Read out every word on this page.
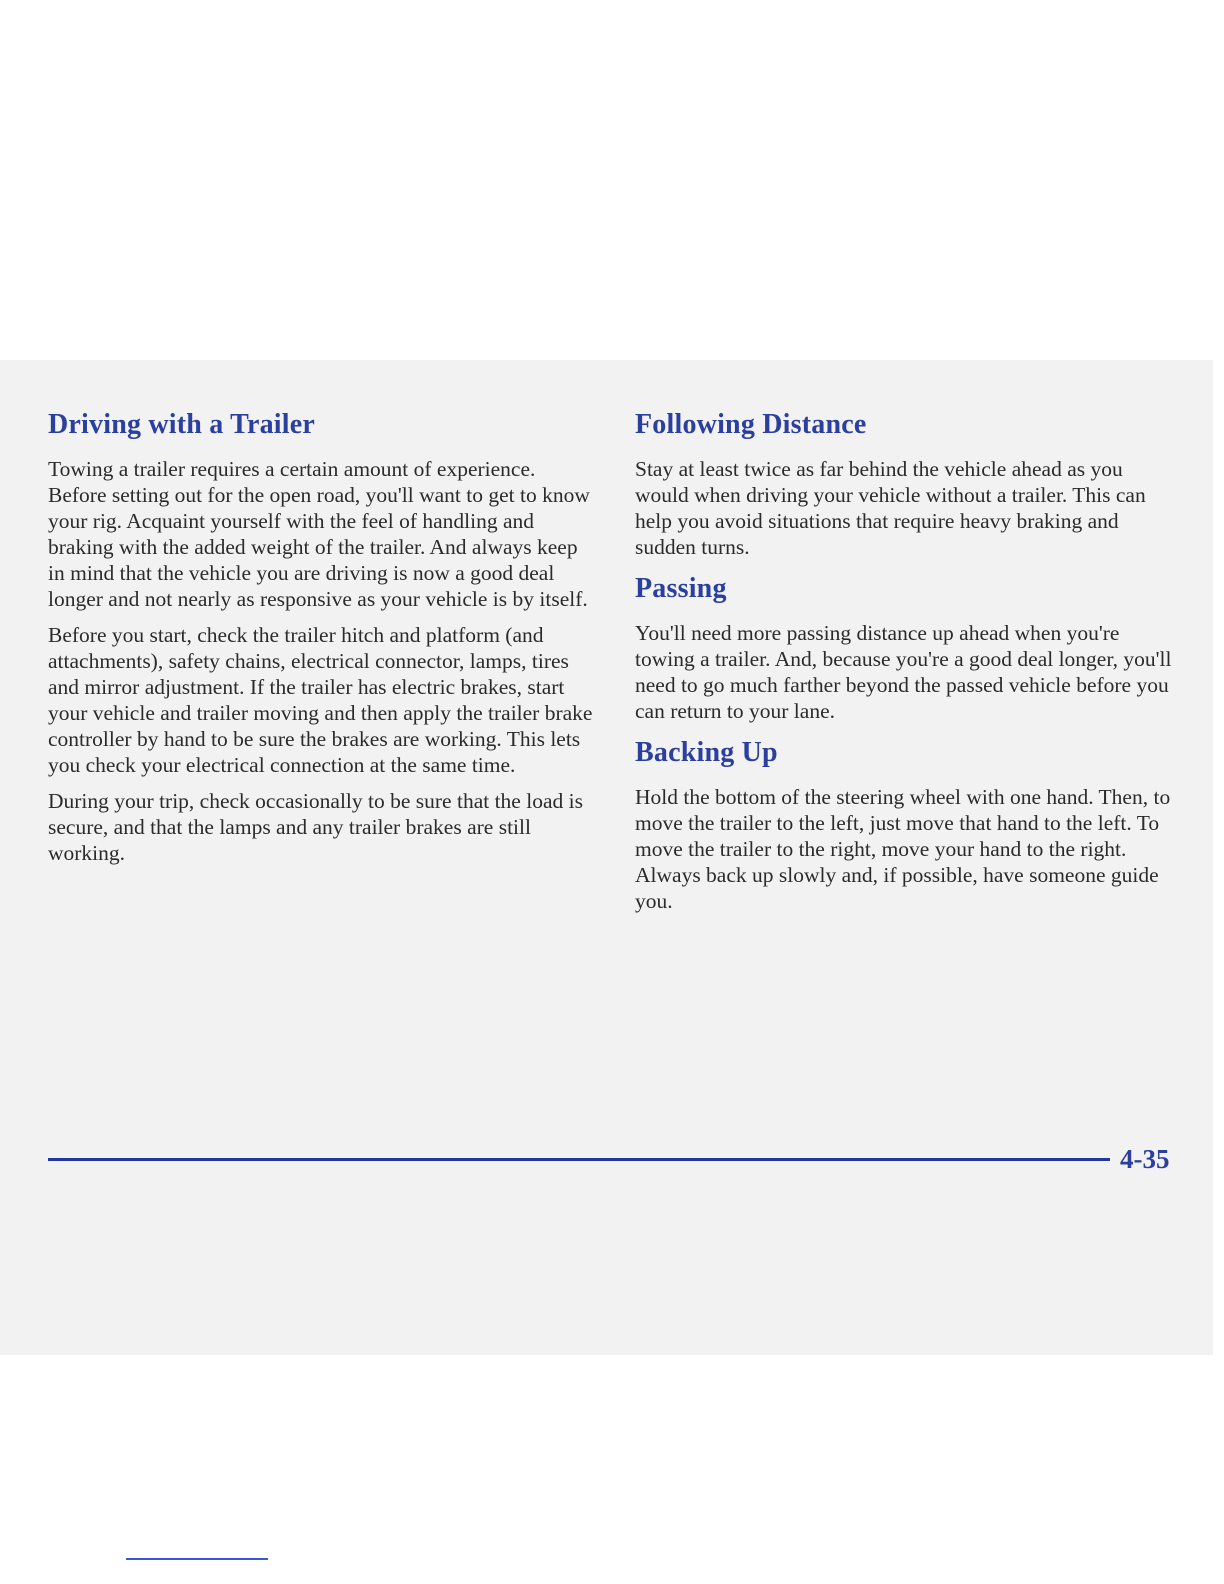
Driving with a Trailer

Towing a trailer requires a certain amount of experience. Before setting out for the open road, you'll want to get to know your rig. Acquaint yourself with the feel of handling and braking with the added weight of the trailer. And always keep in mind that the vehicle you are driving is now a good deal longer and not nearly as responsive as your vehicle is by itself.

Before you start, check the trailer hitch and platform (and attachments), safety chains, electrical connector, lamps, tires and mirror adjustment. If the trailer has electric brakes, start your vehicle and trailer moving and then apply the trailer brake controller by hand to be sure the brakes are working. This lets you check your electrical connection at the same time.

During your trip, check occasionally to be sure that the load is secure, and that the lamps and any trailer brakes are still working.

Following Distance

Stay at least twice as far behind the vehicle ahead as you would when driving your vehicle without a trailer. This can help you avoid situations that require heavy braking and sudden turns.

Passing

You'll need more passing distance up ahead when you're towing a trailer. And, because you're a good deal longer, you'll need to go much farther beyond the passed vehicle before you can return to your lane.

Backing Up

Hold the bottom of the steering wheel with one hand. Then, to move the trailer to the left, just move that hand to the left. To move the trailer to the right, move your hand to the right. Always back up slowly and, if possible, have someone guide you.

4-35
